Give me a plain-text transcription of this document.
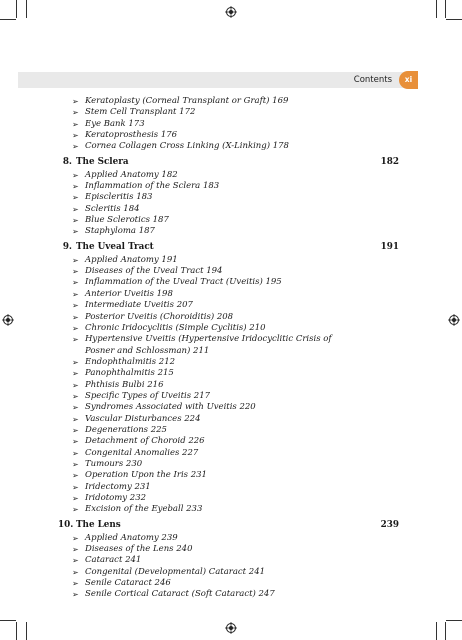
Contents	xi
➢ Keratoplasty (Corneal Transplant or Graft) 169
➢ Stem Cell Transplant 172
➢ Eye Bank 173
➢ Keratoprosthesis 176
➢ Cornea Collagen Cross Linking (X-Linking) 178
8. The Sclera	182
➢ Applied Anatomy 182
➢ Inflammation of the Sclera 183
➢ Episcleritis 183
➢ Scleritis 184
➢ Blue Sclerotics 187
➢ Staphyloma 187
9. The Uveal Tract	191
➢ Applied Anatomy 191
➢ Diseases of the Uveal Tract 194
➢ Inflammation of the Uveal Tract (Uveitis) 195
➢ Anterior Uveitis 198
➢ Intermediate Uveitis 207
➢ Posterior Uveitis (Choroiditis) 208
➢ Chronic Iridocyclitis (Simple Cyclitis) 210
➢ Hypertensive Uveitis (Hypertensive Iridocyclitic Crisis of
Posner and Schlossman) 211
➢ Endophthalmitis 212
➢ Panophthalmitis 215
➢ Phthisis Bulbi 216
➢ Specific Types of Uveitis 217
➢ Syndromes Associated with Uveitis 220
➢ Vascular Disturbances 224
➢ Degenerations 225
➢ Detachment of Choroid 226
➢ Congenital Anomalies 227
➢ Tumours 230
➢ Operation Upon the Iris 231
➢ Iridectomy 231
➢ Iridotomy 232
➢ Excision of the Eyeball 233
10. The Lens	239
➢ Applied Anatomy 239
➢ Diseases of the Lens 240
➢ Cataract 241
➢ Congenital (Developmental) Cataract 241
➢ Senile Cataract 246
➢ Senile Cortical Cataract (Soft Cataract) 247
